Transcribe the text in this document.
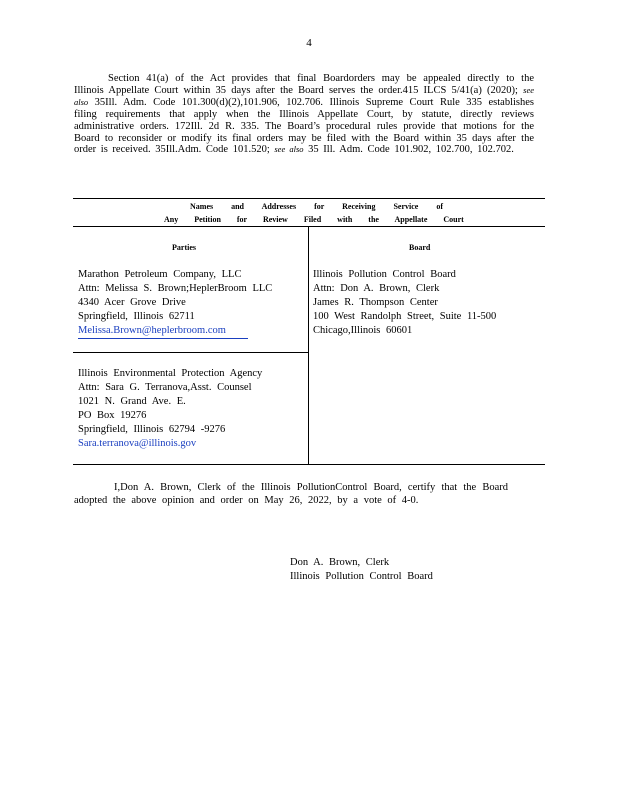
4
Section 41(a) of the Act provides that final Boardorders may be appealed directly to the Illinois Appellate Court within 35 days after the Board serves the order.415 ILCS 5/41(a) (2020); see also 35Ill. Adm. Code 101.300(d)(2),101.906, 102.706. Illinois Supreme Court Rule 335 establishes filing requirements that apply when the Illinois Appellate Court, by statute, directly reviews administrative orders. 172Ill. 2d R. 335. The Board’s procedural rules provide that motions for the Board to reconsider or modify its final orders may be filed with the Board within 35 days after the order is received. 35Ill.Adm. Code 101.520; see also 35 Ill. Adm. Code 101.902, 102.700, 102.702.
Names and Addresses for Receiving Service of
Any Petition for Review Filed with the Appellate Court
Parties	Board
Marathon Petroleum Company, LLC
Attn: Melissa S. Brown;HeplerBroom LLC
4340 Acer Grove Drive
Springfield, Illinois 62711
Melissa.Brown@heplerbroom.com
Illinois Environmental Protection Agency
Attn: Sara G. Terranova,Asst. Counsel
1021 N. Grand Ave. E.
PO Box 19276
Springfield, Illinois 62794 -9276
Sara.terranova@illinois.gov
Illinois Pollution Control Board
Attn: Don A. Brown, Clerk
James R. Thompson Center
100 West Randolph Street, Suite 11-500
Chicago,Illinois 60601
I,Don A. Brown, Clerk of the Illinois PollutionControl Board, certify that the Board adopted the above opinion and order on May 26, 2022, by a vote of 4-0.
Don A. Brown, Clerk
Illinois Pollution Control Board
